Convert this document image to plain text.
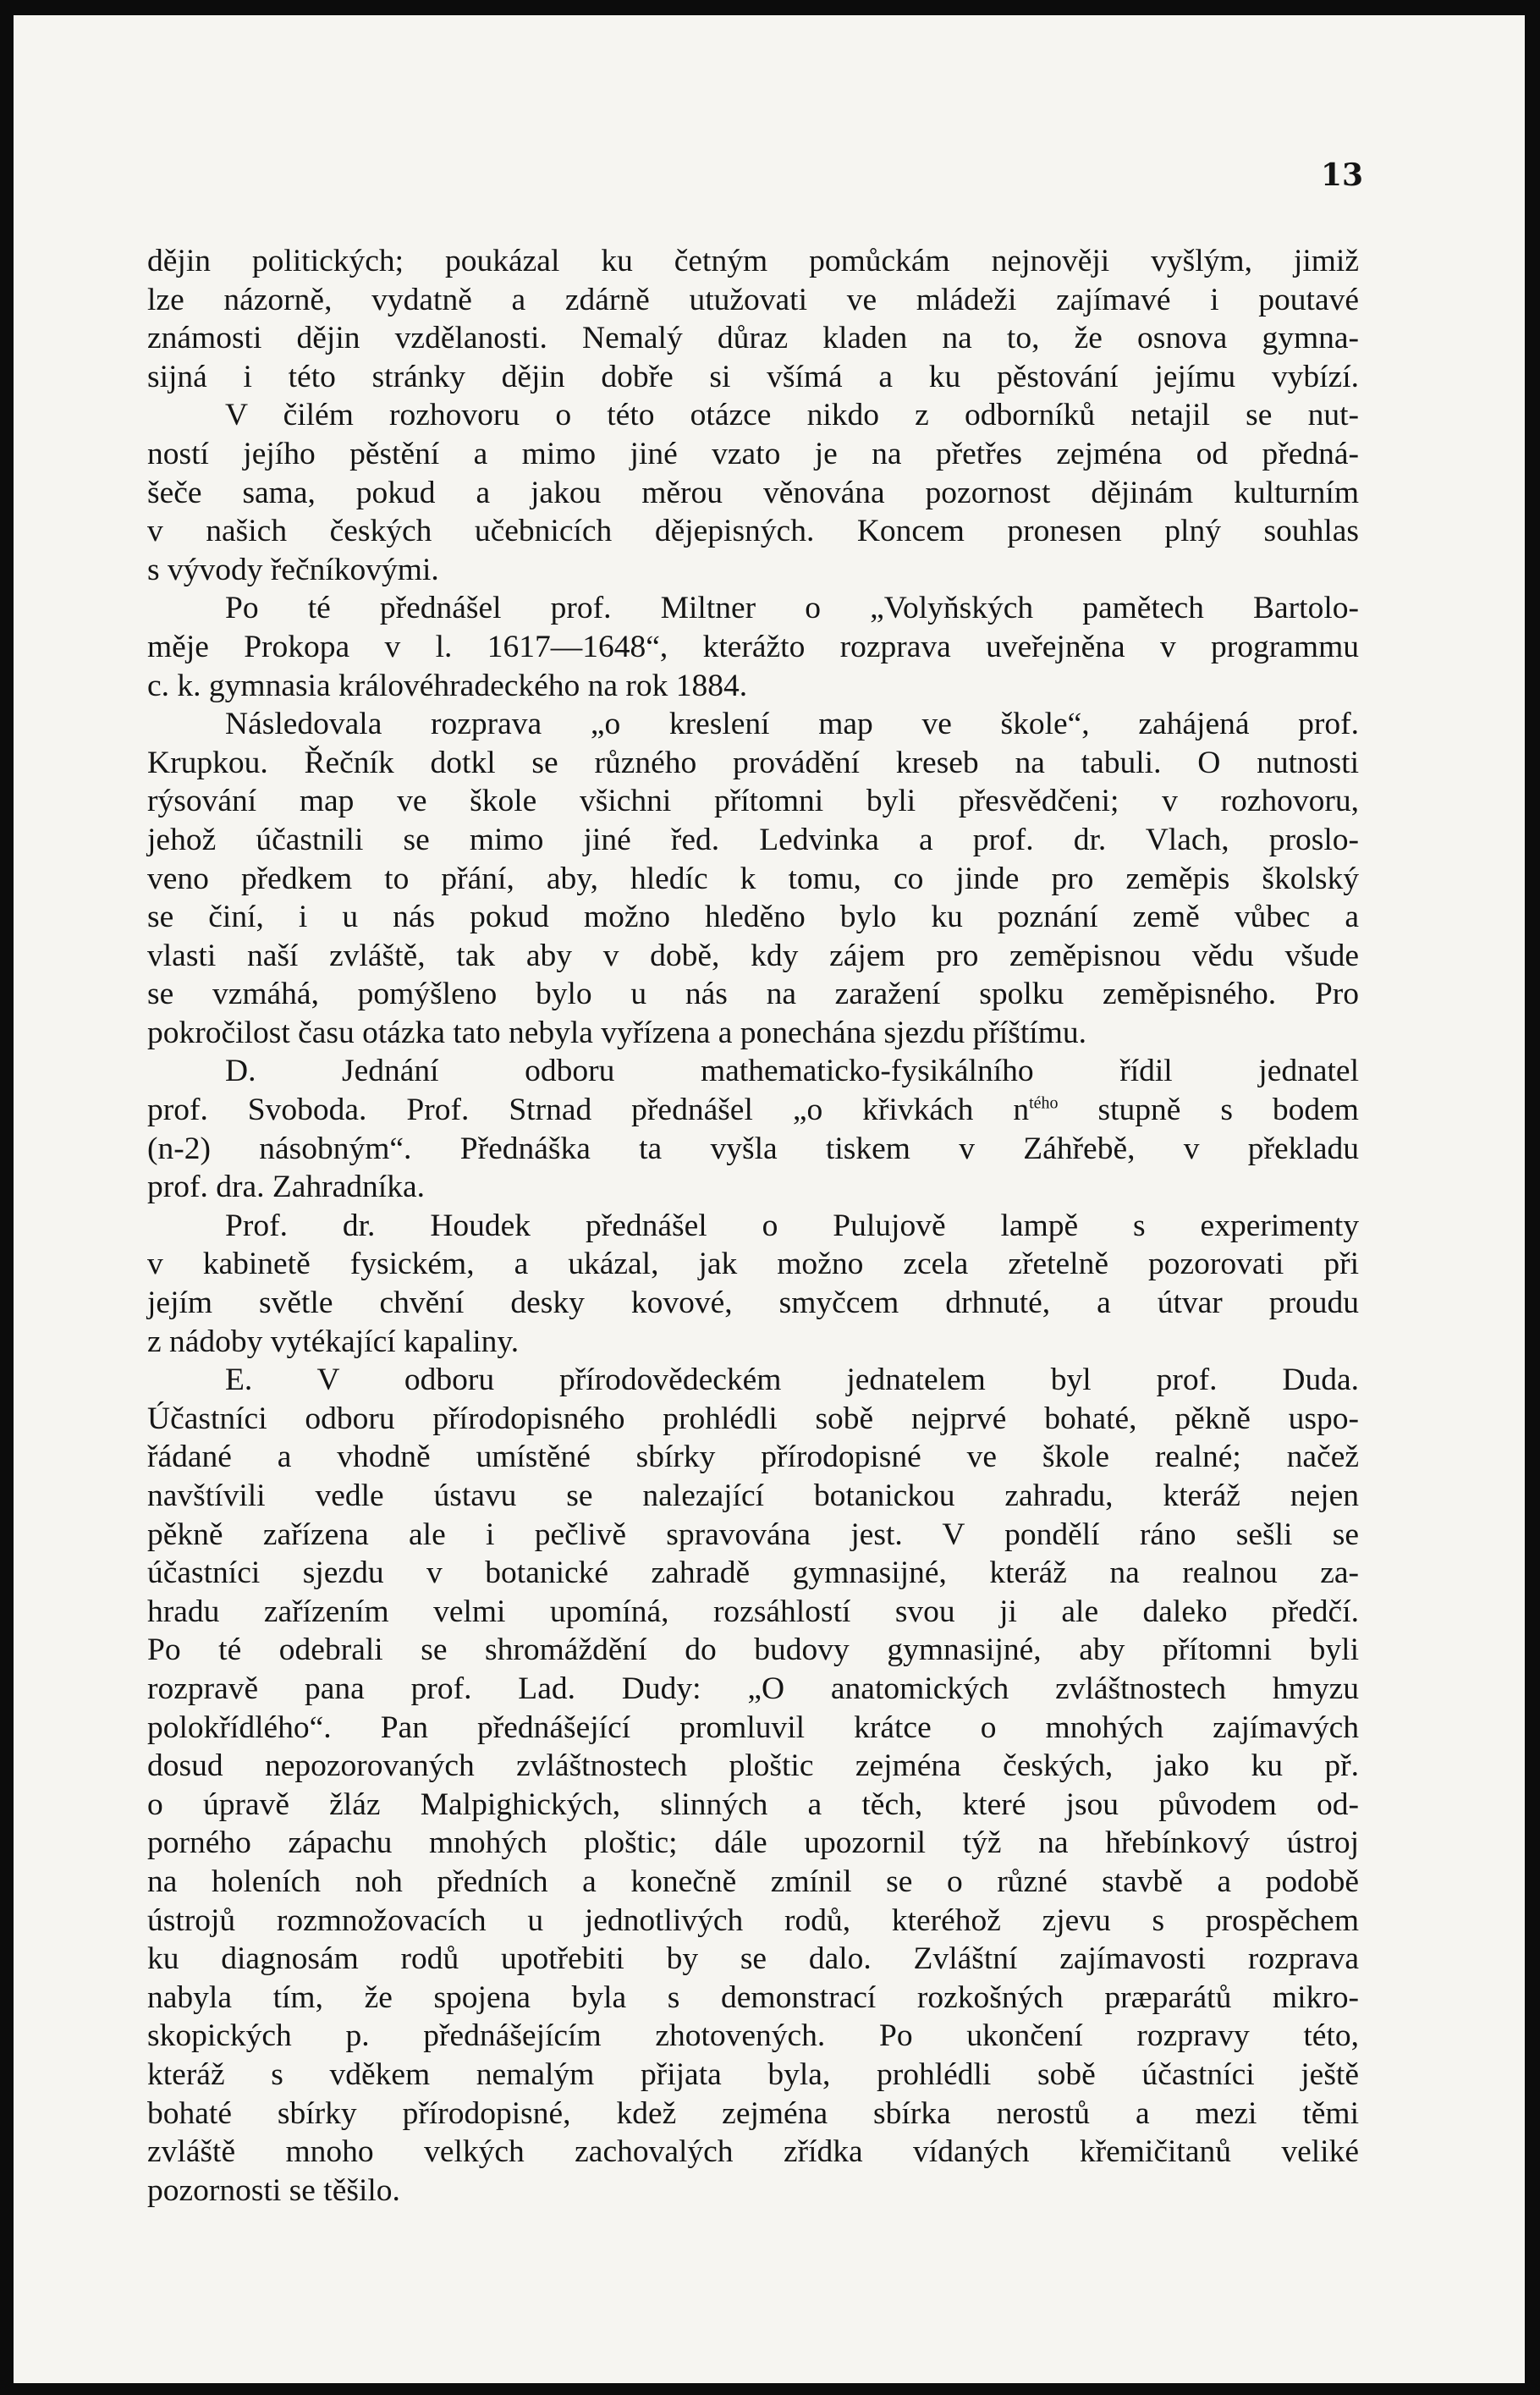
13

dějin politických; poukázal ku četným pomůckám nejnověji vyšlým, jimiž
lze názorně, vydatně a zdárně utužovati ve mládeži zajímavé i poutavé
známosti dějin vzdělanosti. Nemalý důraz kladen na to, že osnova gymna-
sijná i této stránky dějin dobře si všímá a ku pěstování jejímu vybízí.

V čilém rozhovoru o této otázce nikdo z odborníků netajil se nut-
ností jejího pěstění a mimo jiné vzato je na přetřes zejména od předná-
šeče sama, pokud a jakou měrou věnována pozornost dějinám kulturním
v našich českých učebnicích dějepisných. Koncem pronesen plný souhlas
s vývody řečníkovými.

Po té přednášel prof. Miltner o „Volyňských pamětech Bartolo-
měje Prokopa v l. 1617—1648“, kterážto rozprava uveřejněna v programmu
c. k. gymnasia královéhradeckého na rok 1884.

Následovala rozprava „o kreslení map ve škole“, zahájená prof.
Krupkou. Řečník dotkl se různého provádění kreseb na tabuli. O nutnosti
rýsování map ve škole všichni přítomni byli přesvědčeni; v rozhovoru,
jehož účastnili se mimo jiné řed. Ledvinka a prof. dr. Vlach, proslo-
veno předkem to přání, aby, hledíc k tomu, co jinde pro zeměpis školský
se činí, i u nás pokud možno hleděno bylo ku poznání země vůbec a
vlasti naší zvláště, tak aby v době, kdy zájem pro zeměpisnou vědu všude
se vzmáhá, pomýšleno bylo u nás na zaražení spolku zeměpisného. Pro
pokročilost času otázka tato nebyla vyřízena a ponechána sjezdu příštímu.

D. Jednání odboru mathematicko-fysikálního řídil jednatel
prof. Svoboda. Prof. Strnad přednášel „o křivkách $n^{tého}$ stupně s bodem
(n-2) násobným“. Přednáška ta vyšla tiskem v Záhřebě, v překladu
prof. dra. Zahradníka.

Prof. dr. Houdek přednášel o Pulujově lampě s experimenty
v kabinetě fysickém, a ukázal, jak možno zcela zřetelně pozorovati při
jejím světle chvění desky kovové, smyčcem drhnuté, a útvar proudu
z nádoby vytékající kapaliny.

E. V odboru přírodovědeckém jednatelem byl prof. Duda.
Účastníci odboru přírodopisného prohlédli sobě nejprvé bohaté, pěkně uspo-
řádané a vhodně umístěné sbírky přírodopisné ve škole realné; načež
navštívili vedle ústavu se nalezající botanickou zahradu, kteráž nejen
pěkně zařízena ale i pečlivě spravována jest. V pondělí ráno sešli se
účastníci sjezdu v botanické zahradě gymnasijné, kteráž na realnou za-
hradu zařízením velmi upomíná, rozsáhlostí svou ji ale daleko předčí.
Po té odebrali se shromáždění do budovy gymnasijné, aby přítomni byli
rozpravě pana prof. Lad. Dudy: „O anatomických zvláštnostech hmyzu
polokřídlého“. Pan přednášející promluvil krátce o mnohých zajímavých
dosud nepozorovaných zvláštnostech ploštic zejména českých, jako ku př.
o úpravě žláz Malpighických, slinných a těch, které jsou původem od-
porného zápachu mnohých ploštic; dále upozornil týž na hřebínkový ústroj
na holeních noh předních a konečně zmínil se o různé stavbě a podobě
ústrojů rozmnožovacích u jednotlivých rodů, kteréhož zjevu s prospěchem
ku diagnosám rodů upotřebiti by se dalo. Zvláštní zajímavosti rozprava
nabyla tím, že spojena byla s demonstrací rozkošných præparátů mikro-
skopických p. přednášejícím zhotovených. Po ukončení rozpravy této,
kteráž s vděkem nemalým přijata byla, prohlédli sobě účastníci ještě
bohaté sbírky přírodopisné, kdež zejména sbírka nerostů a mezi těmi
zvláště mnoho velkých zachovalých zřídka vídaných křemičitanů veliké
pozornosti se těšilo.
